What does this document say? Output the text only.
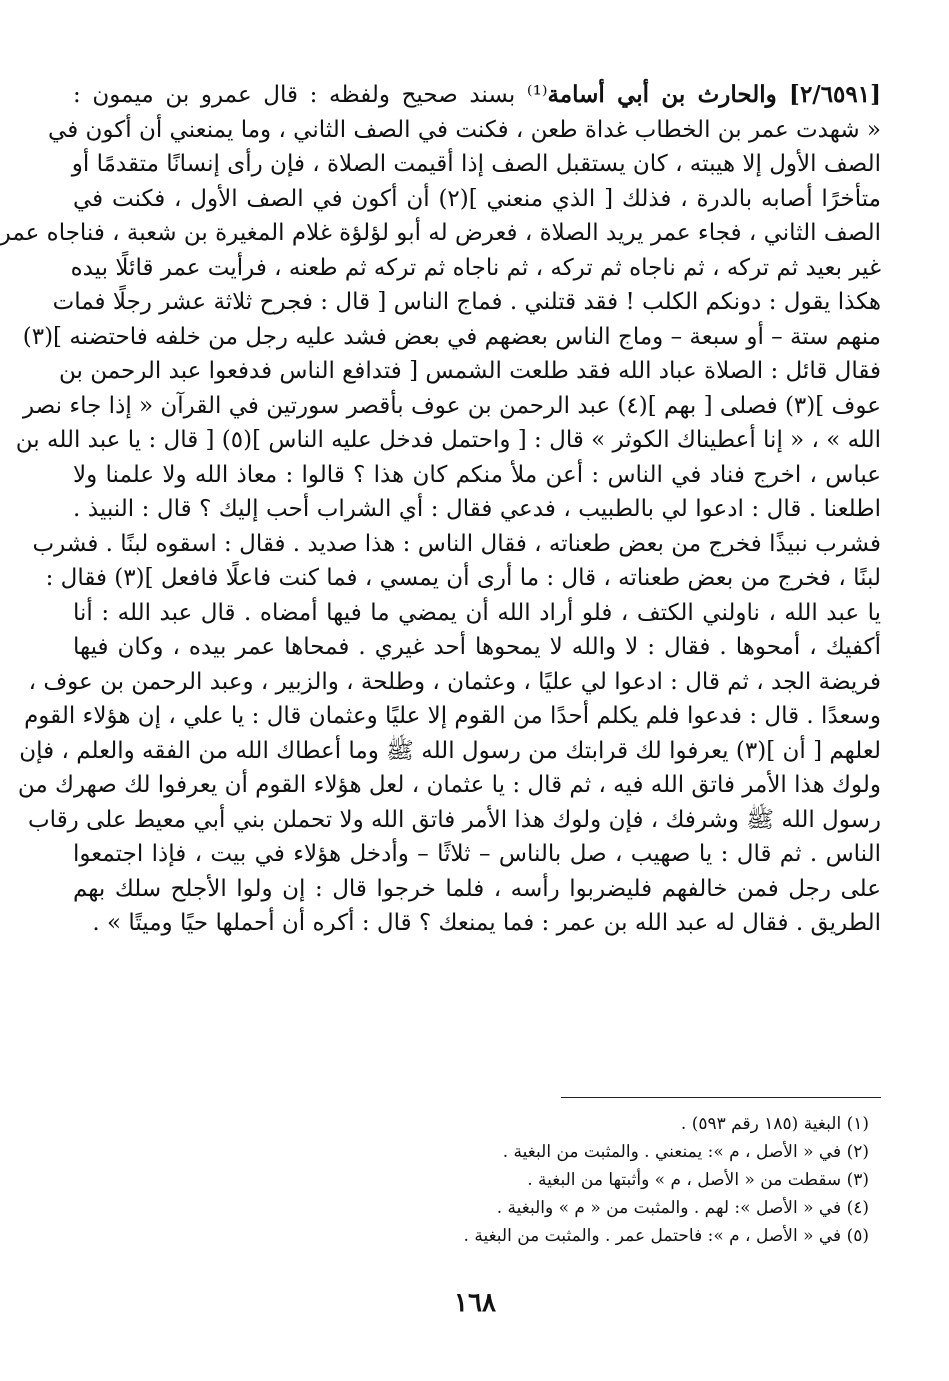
[٢/٦٥٩١] والحارث بن أبي أسامة⁽¹⁾ بسند صحيح ولفظه : قال عمرو بن ميمون :
« شهدت عمر بن الخطاب غداة طعن ، فكنت في الصف الثاني ، وما يمنعني أن أكون في
الصف الأول إلا هيبته ، كان يستقبل الصف إذا أقيمت الصلاة ، فإن رأى إنسانًا متقدمًا أو
متأخرًا أصابه بالدرة ، فذلك [ الذي منعني ](٢) أن أكون في الصف الأول ، فكنت في
الصف الثاني ، فجاء عمر يريد الصلاة ، فعرض له أبو لؤلؤة غلام المغيرة بن شعبة ، فناجاه عمر
غير بعيد ثم تركه ، ثم ناجاه ثم تركه ، ثم ناجاه ثم تركه ثم طعنه ، فرأيت عمر قائلًا بيده
هكذا يقول : دونكم الكلب ! فقد قتلني . فماج الناس [ قال : فجرح ثلاثة عشر رجلًا فمات
منهم ستة – أو سبعة – وماج الناس بعضهم في بعض فشد عليه رجل من خلفه فاحتضنه ](٣)
فقال قائل : الصلاة عباد الله فقد طلعت الشمس [ فتدافع الناس فدفعوا عبد الرحمن بن
عوف ](٣) فصلى [ بهم ](٤) عبد الرحمن بن عوف بأقصر سورتين في القرآن « إذا جاء نصر
الله » ، « إنا أعطيناك الكوثر » قال : [ واحتمل فدخل عليه الناس ](٥) [ قال : يا عبد الله بن
عباس ، اخرج فناد في الناس : أعن ملأ منكم كان هذا ؟ قالوا : معاذ الله ولا علمنا ولا
اطلعنا . قال : ادعوا لي بالطبيب ، فدعي فقال : أي الشراب أحب إليك ؟ قال : النبيذ .
فشرب نبيذًا فخرج من بعض طعناته ، فقال الناس : هذا صديد . فقال : اسقوه لبنًا . فشرب
لبنًا ، فخرج من بعض طعناته ، قال : ما أرى أن يمسي ، فما كنت فاعلًا فافعل ](٣) فقال :
يا عبد الله ، ناولني الكتف ، فلو أراد الله أن يمضي ما فيها أمضاه . قال عبد الله : أنا
أكفيك ، أمحوها . فقال : لا والله لا يمحوها أحد غيري . فمحاها عمر بيده ، وكان فيها
فريضة الجد ، ثم قال : ادعوا لي عليًا ، وعثمان ، وطلحة ، والزبير ، وعبد الرحمن بن عوف ،
وسعدًا . قال : فدعوا فلم يكلم أحدًا من القوم إلا عليًا وعثمان قال : يا علي ، إن هؤلاء القوم
لعلهم [ أن ](٣) يعرفوا لك قرابتك من رسول الله ﷺ وما أعطاك الله من الفقه والعلم ، فإن
ولوك هذا الأمر فاتق الله فيه ، ثم قال : يا عثمان ، لعل هؤلاء القوم أن يعرفوا لك صهرك من
رسول الله ﷺ وشرفك ، فإن ولوك هذا الأمر فاتق الله ولا تحملن بني أبي معيط على رقاب
الناس . ثم قال : يا صهيب ، صل بالناس – ثلاثًا – وأدخل هؤلاء في بيت ، فإذا اجتمعوا
على رجل فمن خالفهم فليضربوا رأسه ، فلما خرجوا قال : إن ولوا الأجلح سلك بهم
الطريق . فقال له عبد الله بن عمر : فما يمنعك ؟ قال : أكره أن أحملها حيًا وميتًا » .
(١) البغية (١٨٥ رقم ٥٩٣) .
(٢) في « الأصل ، م »: يمنعني . والمثبت من البغية .
(٣) سقطت من « الأصل ، م » وأثبتها من البغية .
(٤) في « الأصل »: لهم . والمثبت من « م » والبغية .
(٥) في « الأصل ، م »: فاحتمل عمر . والمثبت من البغية .
١٦٨
